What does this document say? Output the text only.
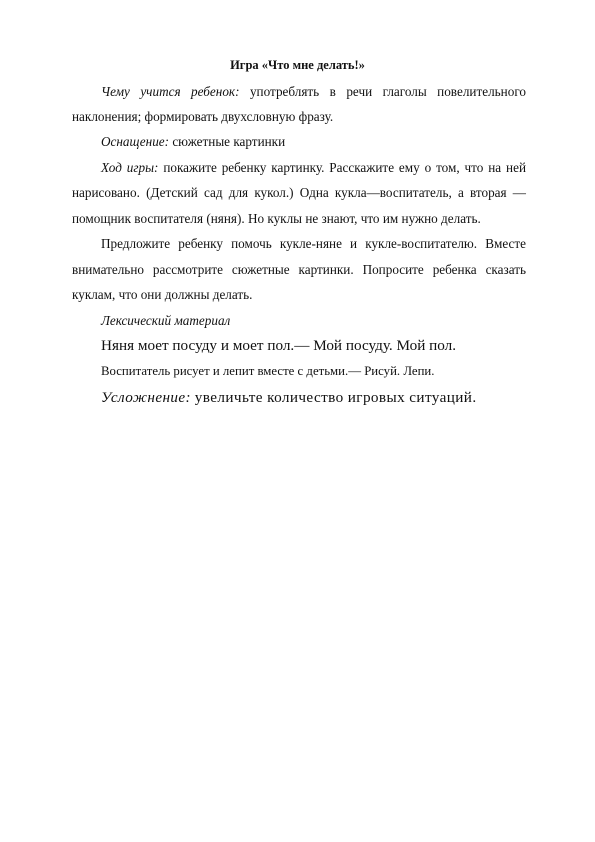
Игра «Что мне делать!»
Чему учится ребенок: употреблять в речи глаголы повелительного
наклонения; формировать двухсловную фразу.
Оснащение: сюжетные картинки
Ход игры: покажите ребенку картинку. Расскажите ему о том, что на ней
нарисовано. (Детский сад для кукол.) Одна кукла—воспитатель, а вторая —
помощник воспитателя (няня). Но куклы не знают, что им нужно делать.
Предложите ребенку помочь кукле-няне и кукле-воспитателю. Вместе
внимательно рассмотрите сюжетные картинки. Попросите ребенка сказать
куклам, что они должны делать.
Лексический материал
Няня моет посуду и моет пол.— Мой посуду. Мой пол.
Воспитатель рисует и лепит вместе с детьми.— Рисуй. Лепи.
Усложнение: увеличьте количество игровых ситуаций.
